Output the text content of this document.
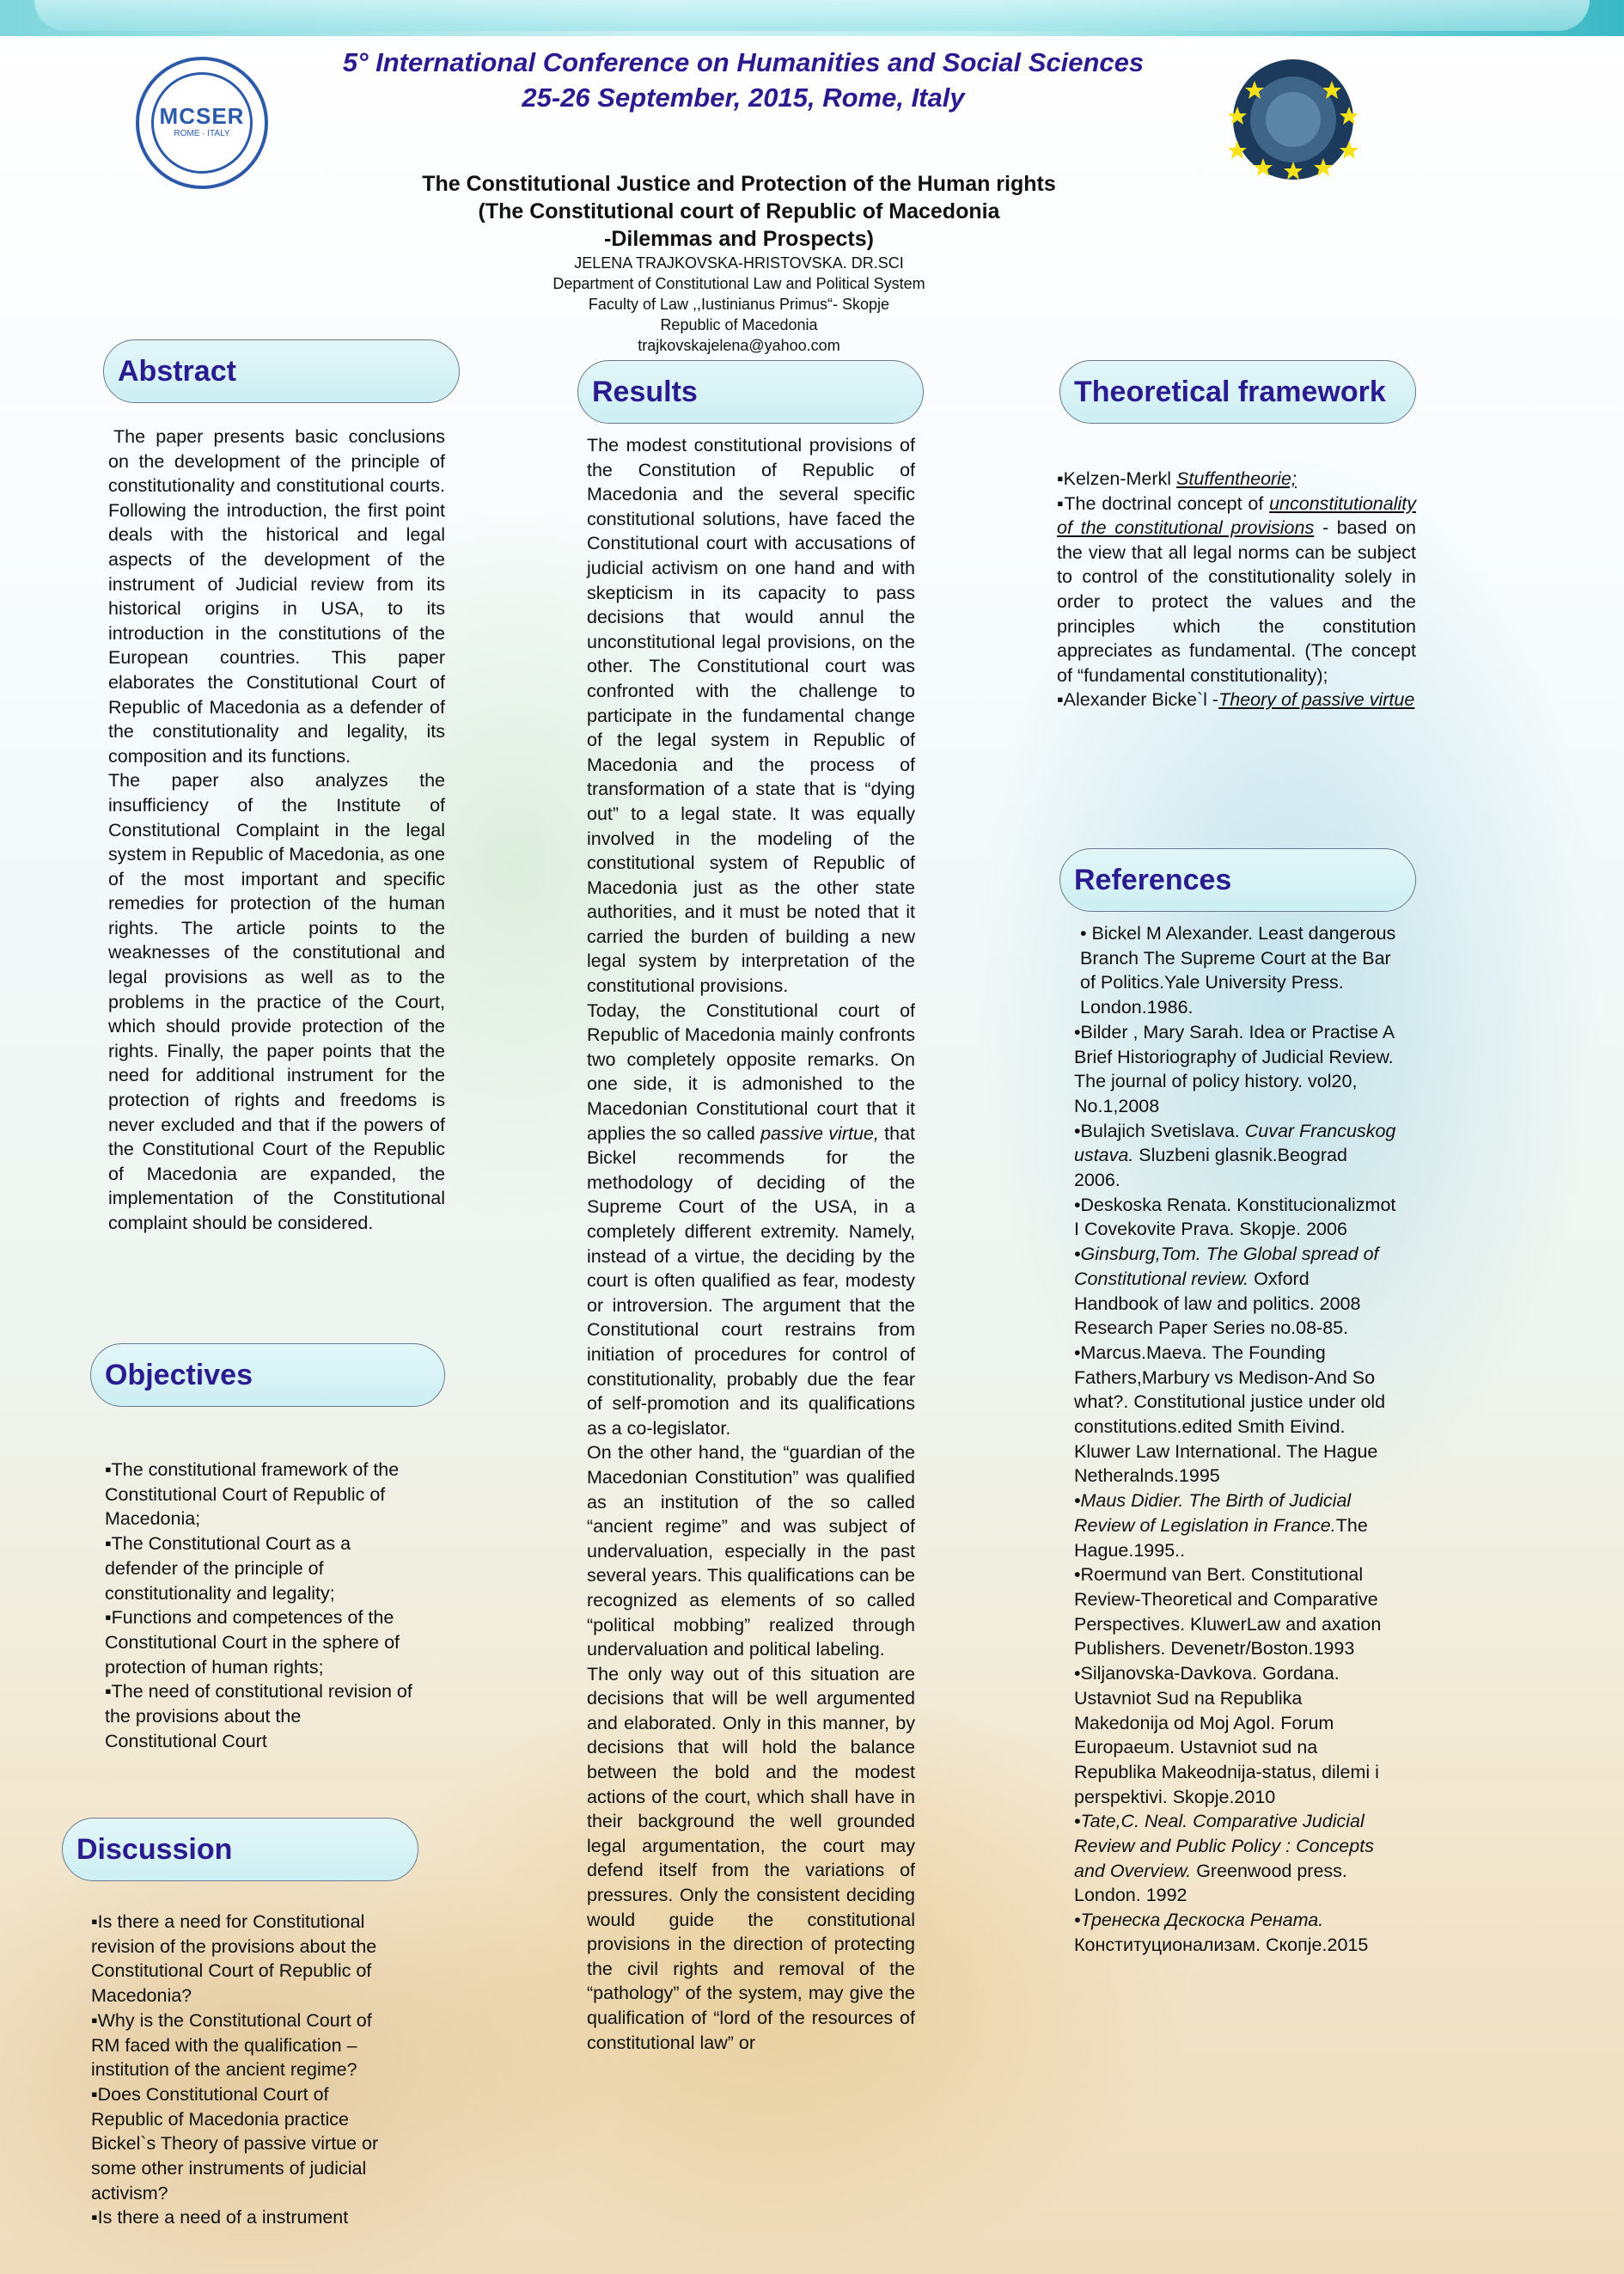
MCSER
ROME · ITALY
5° International Conference on Humanities and Social Sciences
25-26 September, 2015, Rome, Italy
The Constitutional Justice and Protection of the Human rights
(The Constitutional court of Republic of Macedonia
-Dilemmas and Prospects)
JELENA TRAJKOVSKA-HRISTOVSKA. DR.SCI
Department of Constitutional Law and Political System
Faculty of Law ,,Iustinianus Primus“- Skopje
Republic of Macedonia
trajkovskajelena@yahoo.com
Abstract

The paper presents basic conclusions on the development of the principle of constitutionality and constitutional courts. Following the introduction, the first point deals with the historical and legal aspects of the development of the instrument of Judicial review from its historical origins in USA, to its introduction in the constitutions of the European countries. This paper elaborates the Constitutional Court of Republic of Macedonia as a defender of the constitutionality and legality, its composition and its functions.

The paper also analyzes the insufficiency of the Institute of Constitutional Complaint in the legal system in Republic of Macedonia, as one of the most important and specific remedies for protection of the human rights. The article points to the weaknesses of the constitutional and legal provisions as well as to the problems in the practice of the Court, which should provide protection of the rights. Finally, the paper points that the need for additional instrument for the protection of rights and freedoms is never excluded and that if the powers of the Constitutional Court of the Republic of Macedonia are expanded, the implementation of the Constitutional complaint should be considered.

Objectives

▪The constitutional framework of the Constitutional Court of Republic of Macedonia;

▪The Constitutional Court as a defender of the principle of constitutionality and legality;

▪Functions and competences of the Constitutional Court in the sphere of protection of human rights;

▪The need of constitutional revision of the provisions about the Constitutional Court

Discussion

▪Is there a need for Constitutional revision of the provisions about the Constitutional Court of Republic of Macedonia?

▪Why is the Constitutional Court of RM faced with the qualification – institution of the ancient regime?

▪Does Constitutional Court of Republic of Macedonia practice Bickel`s Theory of passive virtue or some other instruments of judicial activism?

▪Is there a need of a instrument

Results

The modest constitutional provisions of the Constitution of Republic of Macedonia and the several specific constitutional solutions, have faced the Constitutional court with accusations of judicial activism on one hand and with skepticism in its capacity to pass decisions that would annul the unconstitutional legal provisions, on the other. The Constitutional court was confronted with the challenge to participate in the fundamental change of the legal system in Republic of Macedonia and the process of transformation of a state that is “dying out” to a legal state. It was equally involved in the modeling of the constitutional system of Republic of Macedonia just as the other state authorities, and it must be noted that it carried the burden of building a new legal system by interpretation of the constitutional provisions.

Today, the Constitutional court of Republic of Macedonia mainly confronts two completely opposite remarks. On one side, it is admonished to the Macedonian Constitutional court that it applies the so called passive virtue, that Bickel recommends for the methodology of deciding of the Supreme Court of the USA, in a completely different extremity. Namely, instead of a virtue, the deciding by the court is often qualified as fear, modesty or introversion. The argument that the Constitutional court restrains from initiation of procedures for control of constitutionality, probably due the fear of self-promotion and its qualifications as a co-legislator.

On the other hand, the “guardian of the Macedonian Constitution” was qualified as an institution of the so called “ancient regime” and was subject of undervaluation, especially in the past several years. This qualifications can be recognized as elements of so called “political mobbing” realized through undervaluation and political labeling.

The only way out of this situation are decisions that will be well argumented and elaborated. Only in this manner, by decisions that will hold the balance between the bold and the modest actions of the court, which shall have in their background the well grounded legal argumentation, the court may defend itself from the variations of pressures. Only the consistent deciding would guide the constitutional provisions in the direction of protecting the civil rights and removal of the “pathology” of the system, may give the qualification of “lord of the resources of constitutional law” or

Theoretical framework

▪Kelzen-Merkl Stuffentheorie;

▪The doctrinal concept of unconstitutionality of the constitutional provisions - based on the view that all legal norms can be subject to control of the constitutionality solely in order to protect the values and the principles which the constitution appreciates as fundamental. (The concept of “fundamental constitutionality);

▪Alexander Bicke`l -Theory of passive virtue

References

• Bickel M Alexander. Least dangerous Branch The Supreme Court at the Bar of Politics.Yale University Press. London.1986.

•Bilder , Mary Sarah. Idea or Practise A Brief Historiography of Judicial Review. The journal of policy history. vol20, No.1,2008

•Bulajich Svetislava. Cuvar Francuskog ustava. Sluzbeni glasnik.Beograd 2006.

•Deskoska Renata. Konstitucionalizmot I Covekovite Prava. Skopje. 2006

•Ginsburg,Tom. The Global spread of Constitutional review. Oxford Handbook of law and politics. 2008 Research Paper Series no.08-85.

•Marcus.Maeva. The Founding Fathers,Marbury vs Medison-And So what?. Constitutional justice under old constitutions.edited Smith Eivind. Kluwer Law International. The Hague Netheralnds.1995

•Maus Didier. The Birth of Judicial Review of Legislation in France.The Hague.1995..

•Roermund van Bert. Constitutional Review-Theoretical and Comparative Perspectives. KluwerLaw and axation Publishers. Devenetr/Boston.1993

•Siljanovska-Davkova. Gordana. Ustavniot Sud na Republika Makedonija od Moj Agol. Forum Europaeum. Ustavniot sud na Republika Makeodnija-status, dilemi i perspektivi. Skopje.2010

•Tate,C. Neal. Comparative Judicial Review and Public Policy : Concepts and Overview. Greenwood press. London. 1992

•Тренеска Дескоска Рената. Конституционализам. Скопје.2015
